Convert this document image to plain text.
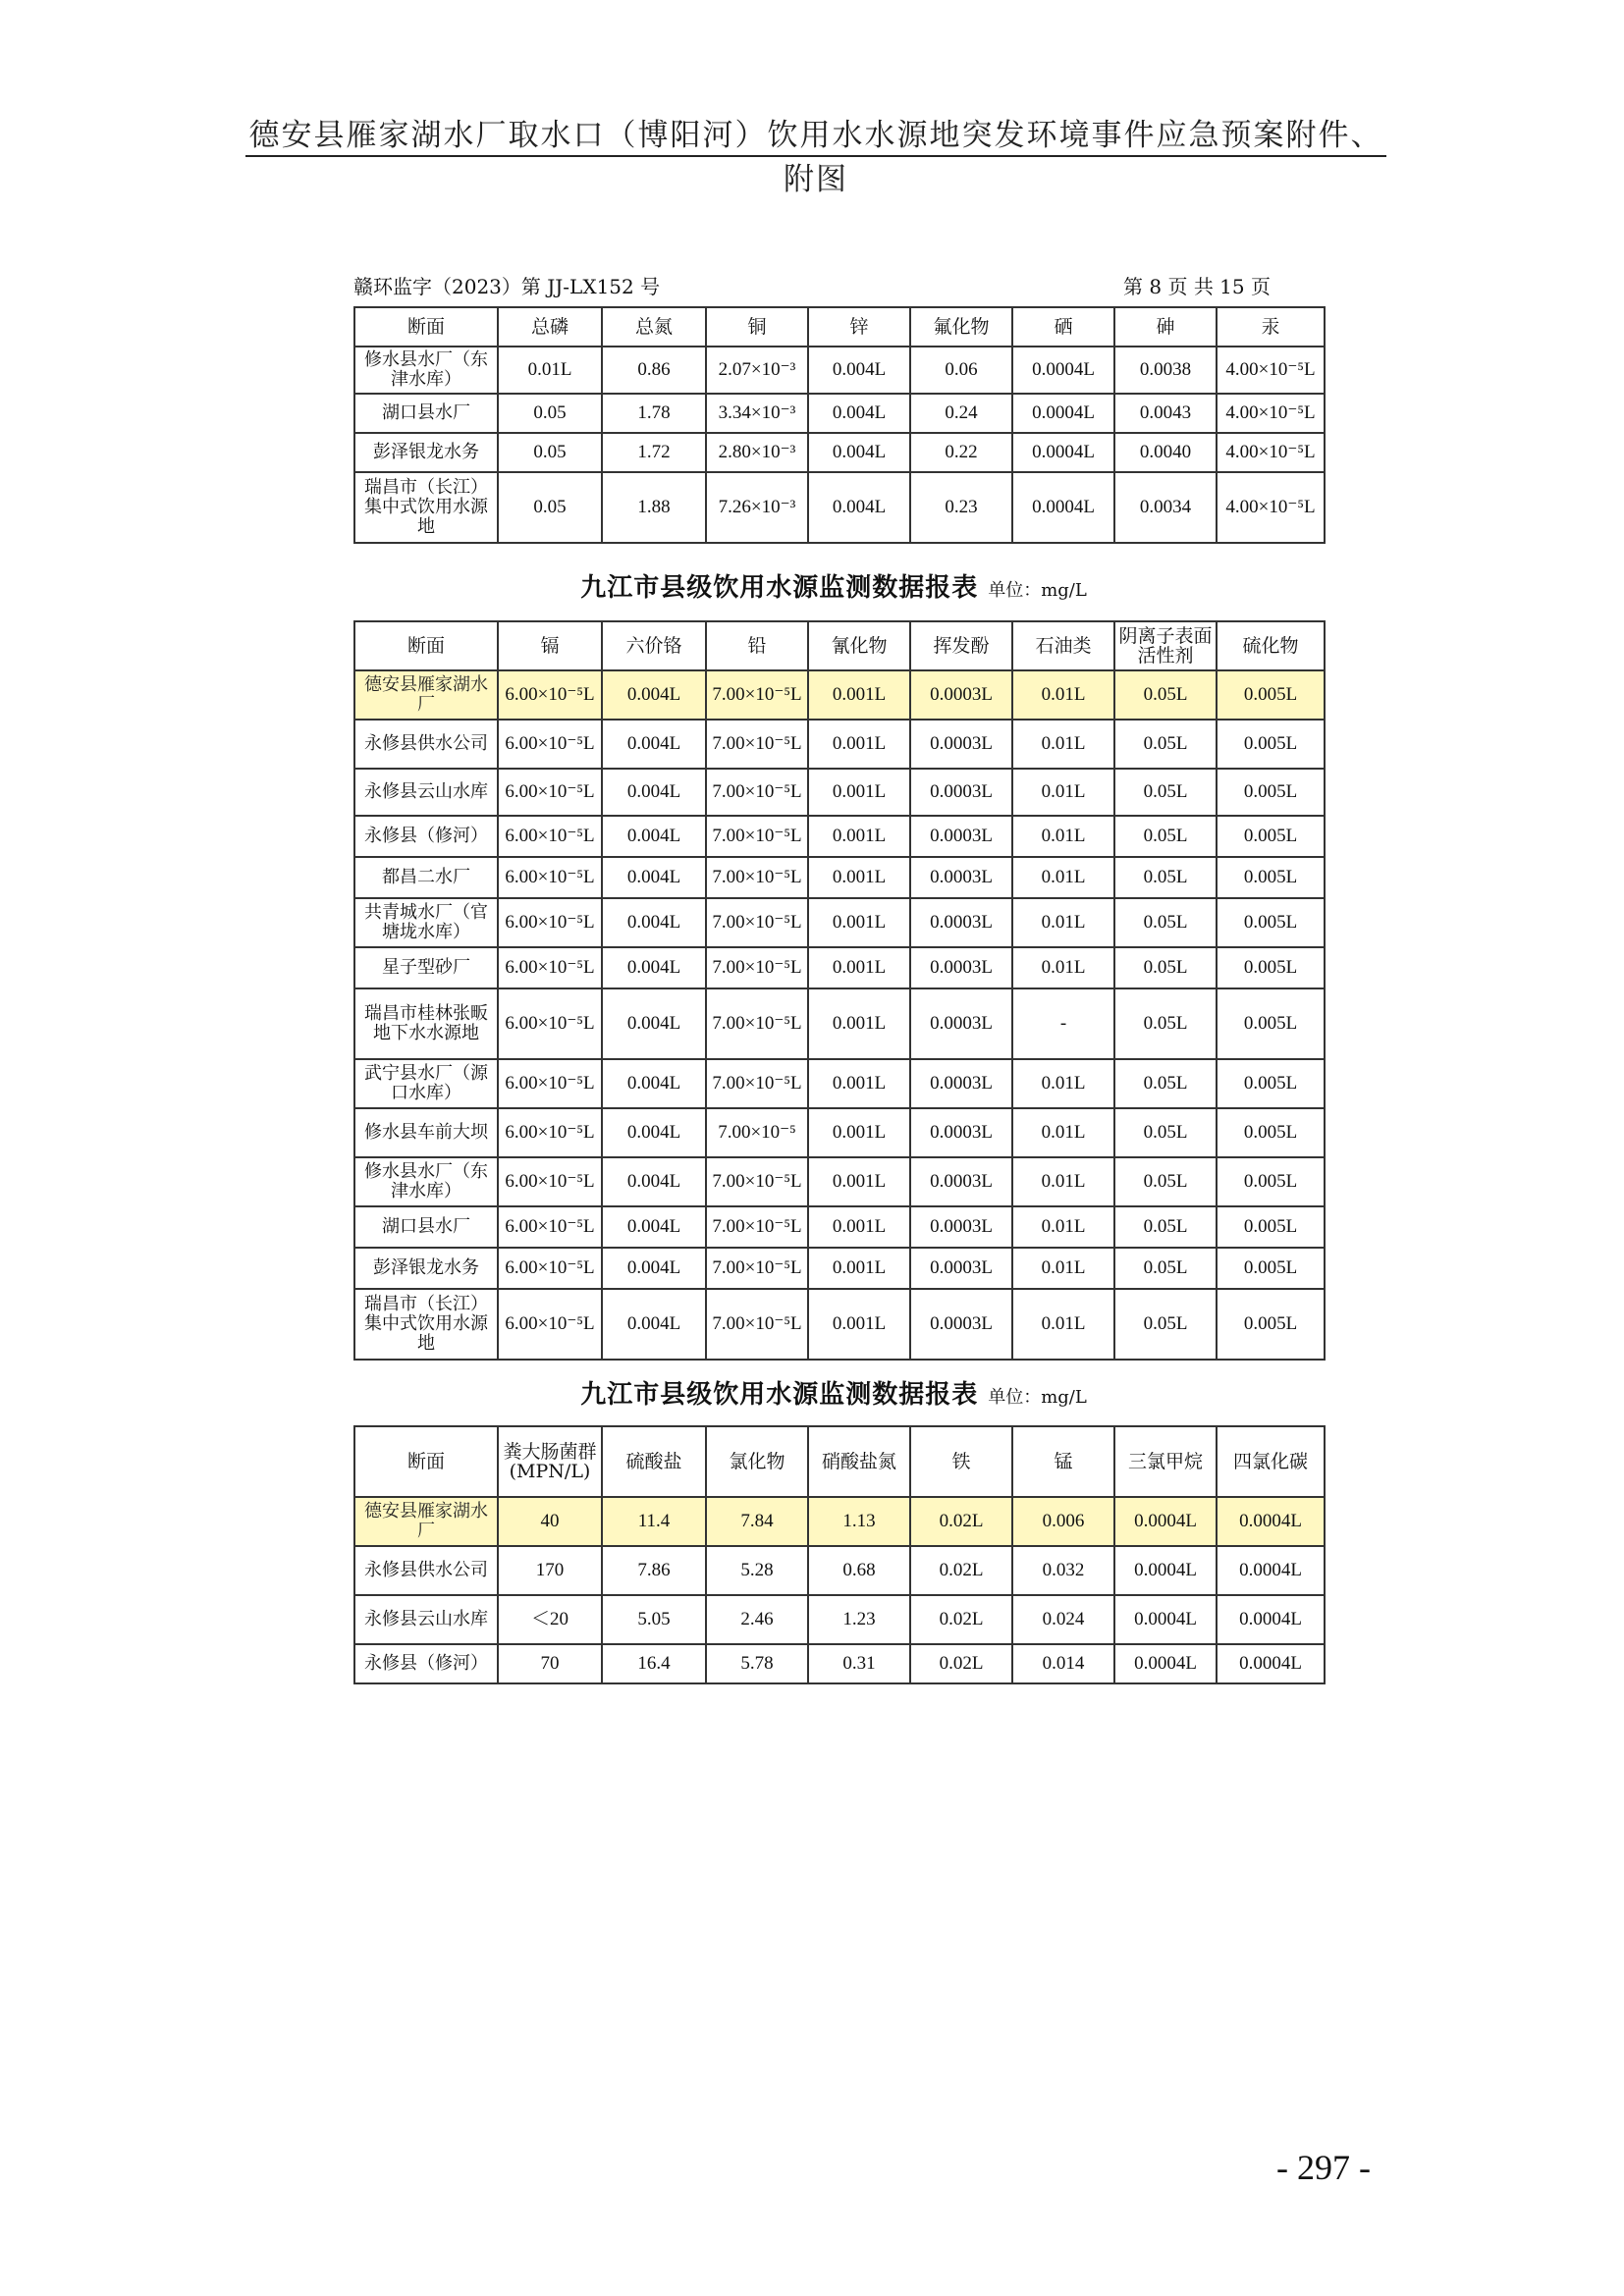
德安县雁家湖水厂取水口（博阳河）饮用水水源地突发环境事件应急预案附件、附图
赣环监字（2023）第 JJ-LX152 号	第 8 页 共 15 页
断面	总磷	总氮	铜	锌	氟化物	硒	砷	汞
修水县水厂（东津水库）	0.01L	0.86	2.07×10⁻³	0.004L	0.06	0.0004L	0.0038	4.00×10⁻⁵L
湖口县水厂	0.05	1.78	3.34×10⁻³	0.004L	0.24	0.0004L	0.0043	4.00×10⁻⁵L
彭泽银龙水务	0.05	1.72	2.80×10⁻³	0.004L	0.22	0.0004L	0.0040	4.00×10⁻⁵L
瑞昌市（长江）集中式饮用水源地	0.05	1.88	7.26×10⁻³	0.004L	0.23	0.0004L	0.0034	4.00×10⁻⁵L
九江市县级饮用水源监测数据报表 单位：mg/L
断面	镉	六价铬	铅	氰化物	挥发酚	石油类	阴离子表面活性剂	硫化物
德安县雁家湖水厂	6.00×10⁻⁵L	0.004L	7.00×10⁻⁵L	0.001L	0.0003L	0.01L	0.05L	0.005L
永修县供水公司	6.00×10⁻⁵L	0.004L	7.00×10⁻⁵L	0.001L	0.0003L	0.01L	0.05L	0.005L
永修县云山水库	6.00×10⁻⁵L	0.004L	7.00×10⁻⁵L	0.001L	0.0003L	0.01L	0.05L	0.005L
永修县（修河）	6.00×10⁻⁵L	0.004L	7.00×10⁻⁵L	0.001L	0.0003L	0.01L	0.05L	0.005L
都昌二水厂	6.00×10⁻⁵L	0.004L	7.00×10⁻⁵L	0.001L	0.0003L	0.01L	0.05L	0.005L
共青城水厂（官塘垅水库）	6.00×10⁻⁵L	0.004L	7.00×10⁻⁵L	0.001L	0.0003L	0.01L	0.05L	0.005L
星子型砂厂	6.00×10⁻⁵L	0.004L	7.00×10⁻⁵L	0.001L	0.0003L	0.01L	0.05L	0.005L
瑞昌市桂林张畈地下水水源地	6.00×10⁻⁵L	0.004L	7.00×10⁻⁵L	0.001L	0.0003L	-	0.05L	0.005L
武宁县水厂（源口水库）	6.00×10⁻⁵L	0.004L	7.00×10⁻⁵L	0.001L	0.0003L	0.01L	0.05L	0.005L
修水县车前大坝	6.00×10⁻⁵L	0.004L	7.00×10⁻⁵	0.001L	0.0003L	0.01L	0.05L	0.005L
修水县水厂（东津水库）	6.00×10⁻⁵L	0.004L	7.00×10⁻⁵L	0.001L	0.0003L	0.01L	0.05L	0.005L
湖口县水厂	6.00×10⁻⁵L	0.004L	7.00×10⁻⁵L	0.001L	0.0003L	0.01L	0.05L	0.005L
彭泽银龙水务	6.00×10⁻⁵L	0.004L	7.00×10⁻⁵L	0.001L	0.0003L	0.01L	0.05L	0.005L
瑞昌市（长江）集中式饮用水源地	6.00×10⁻⁵L	0.004L	7.00×10⁻⁵L	0.001L	0.0003L	0.01L	0.05L	0.005L
九江市县级饮用水源监测数据报表 单位：mg/L
断面	粪大肠菌群(MPN/L)	硫酸盐	氯化物	硝酸盐氮	铁	锰	三氯甲烷	四氯化碳
德安县雁家湖水厂	40	11.4	7.84	1.13	0.02L	0.006	0.0004L	0.0004L
永修县供水公司	170	7.86	5.28	0.68	0.02L	0.032	0.0004L	0.0004L
永修县云山水库	＜20	5.05	2.46	1.23	0.02L	0.024	0.0004L	0.0004L
永修县（修河）	70	16.4	5.78	0.31	0.02L	0.014	0.0004L	0.0004L
- 297 -
